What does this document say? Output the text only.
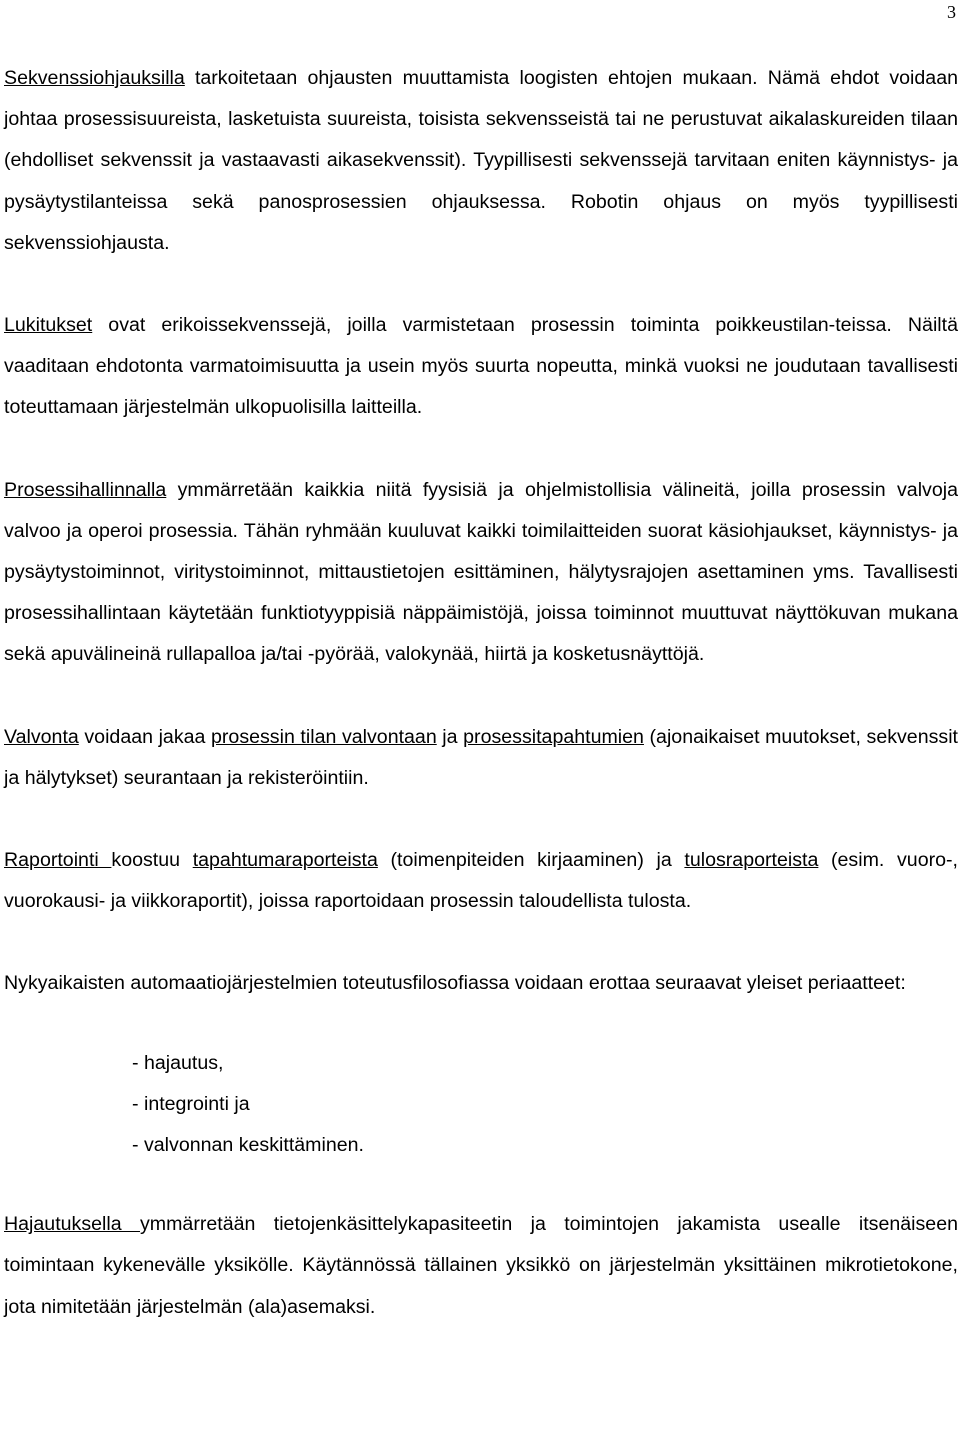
3

Sekvenssiohjauksilla tarkoitetaan ohjausten muuttamista loogisten ehtojen mukaan. Nämä ehdot voidaan johtaa prosessisuureista, lasketuista suureista, toisista sekvensseistä tai ne perustuvat aikalaskureiden tilaan (ehdolliset sekvenssit ja vastaavasti aikasekvenssit). Tyypillisesti sekvenssejä tarvitaan eniten käynnistys- ja pysäytystilanteissa sekä panosprosessien ohjauksessa. Robotin ohjaus on myös tyypillisesti sekvenssiohjausta.

Lukitukset ovat erikoissekvenssejä, joilla varmistetaan prosessin toiminta poikkeustilan-teissa. Näiltä vaaditaan ehdotonta varmatoimisuutta ja usein myös suurta nopeutta, minkä vuoksi ne joudutaan tavallisesti toteuttamaan järjestelmän ulkopuolisilla laitteilla.

Prosessihallinnalla ymmärretään kaikkia niitä fyysisiä ja ohjelmistollisia välineitä, joilla prosessin valvoja valvoo ja operoi prosessia. Tähän ryhmään kuuluvat kaikki toimilaitteiden suorat käsiohjaukset, käynnistys- ja pysäytystoiminnot, viritystoiminnot, mittaustietojen esittäminen, hälytysrajojen asettaminen yms. Tavallisesti prosessihallintaan käytetään funktiotyyppisiä näppäimistöjä, joissa toiminnot muuttuvat näyttökuvan mukana sekä apuvälineinä rullapalloa ja/tai -pyörää, valokynää, hiirtä ja kosketusnäyttöjä.

Valvonta voidaan jakaa prosessin tilan valvontaan ja prosessitapahtumien (ajonaikaiset muutokset, sekvenssit ja hälytykset) seurantaan ja rekisteröintiin.

Raportointi koostuu tapahtumaraporteista (toimenpiteiden kirjaaminen) ja tulosraporteista (esim. vuoro-, vuorokausi- ja viikkoraportit), joissa raportoidaan prosessin taloudellista tulosta.

Nykyaikaisten automaatiojärjestelmien toteutusfilosofiassa voidaan erottaa seuraavat yleiset periaatteet:

- hajautus,
- integrointi ja
- valvonnan keskittäminen.

Hajautuksella ymmärretään tietojenkäsittelykapasiteetin ja toimintojen jakamista usealle itsenäiseen toimintaan kykenevälle yksikölle. Käytännössä tällainen yksikkö on järjestelmän yksittäinen mikrotietokone, jota nimitetään järjestelmän (ala)asemaksi.
